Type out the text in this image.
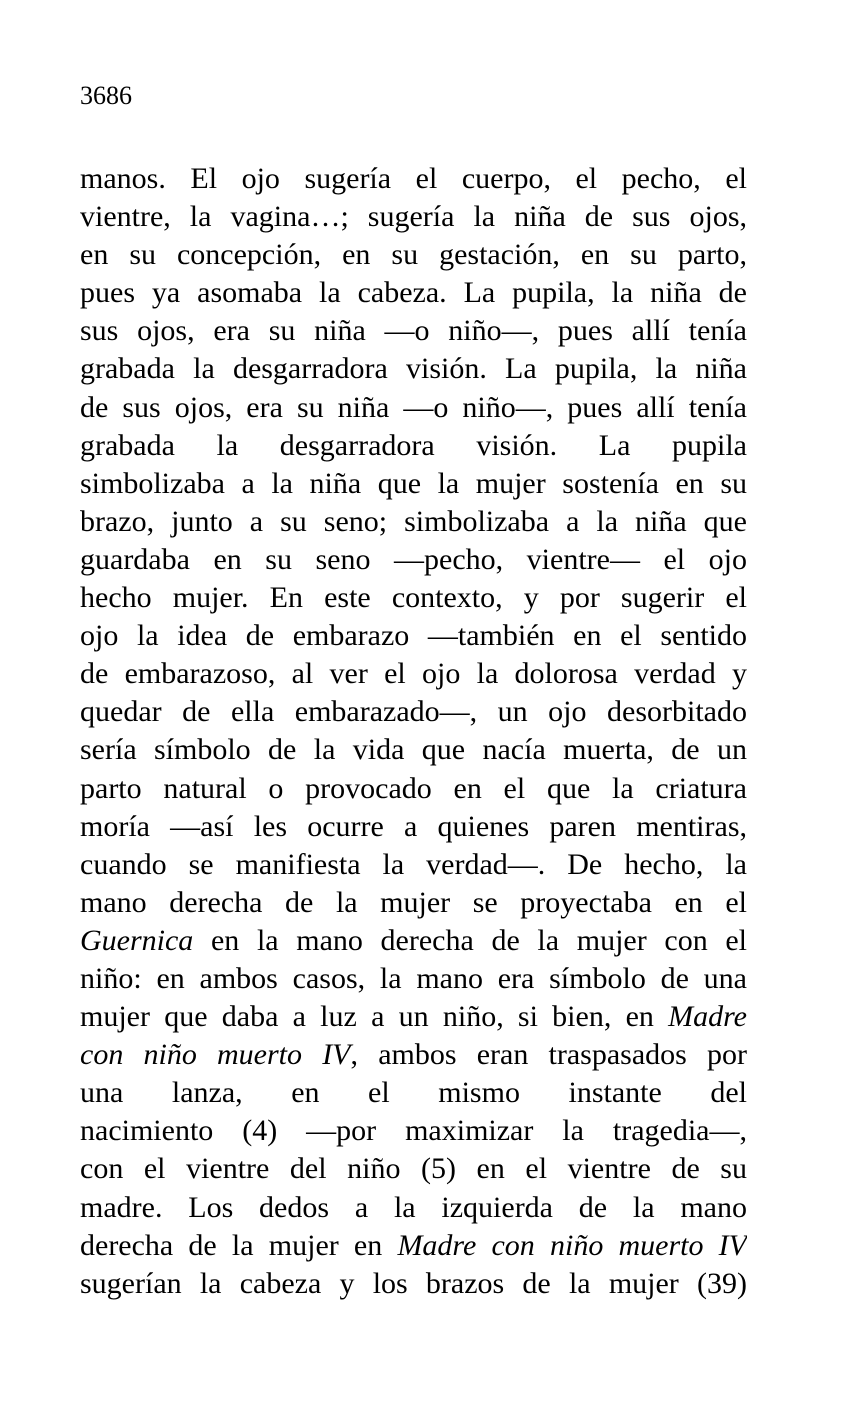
3686
manos. El ojo sugería el cuerpo, el pecho, el
vientre, la vagina…; sugería la niña de sus ojos,
en su concepción, en su gestación, en su parto,
pues ya asomaba la cabeza. La pupila, la niña de
sus ojos, era su niña —o niño—, pues allí tenía
grabada la desgarradora visión. La pupila, la niña
de sus ojos, era su niña —o niño—, pues allí tenía
grabada la desgarradora visión. La pupila
simbolizaba a la niña que la mujer sostenía en su
brazo, junto a su seno; simbolizaba a la niña que
guardaba en su seno —pecho, vientre— el ojo
hecho mujer. En este contexto, y por sugerir el
ojo la idea de embarazo —también en el sentido
de embarazoso, al ver el ojo la dolorosa verdad y
quedar de ella embarazado—, un ojo desorbitado
sería símbolo de la vida que nacía muerta, de un
parto natural o provocado en el que la criatura
moría —así les ocurre a quienes paren mentiras,
cuando se manifiesta la verdad—. De hecho, la
mano derecha de la mujer se proyectaba en el
Guernica en la mano derecha de la mujer con el
niño: en ambos casos, la mano era símbolo de una
mujer que daba a luz a un niño, si bien, en Madre
con niño muerto IV, ambos eran traspasados por
una lanza, en el mismo instante del
nacimiento (4) —por maximizar la tragedia—,
con el vientre del niño (5) en el vientre de su
madre. Los dedos a la izquierda de la mano
derecha de la mujer en Madre con niño muerto IV
sugerían la cabeza y los brazos de la mujer (39)
